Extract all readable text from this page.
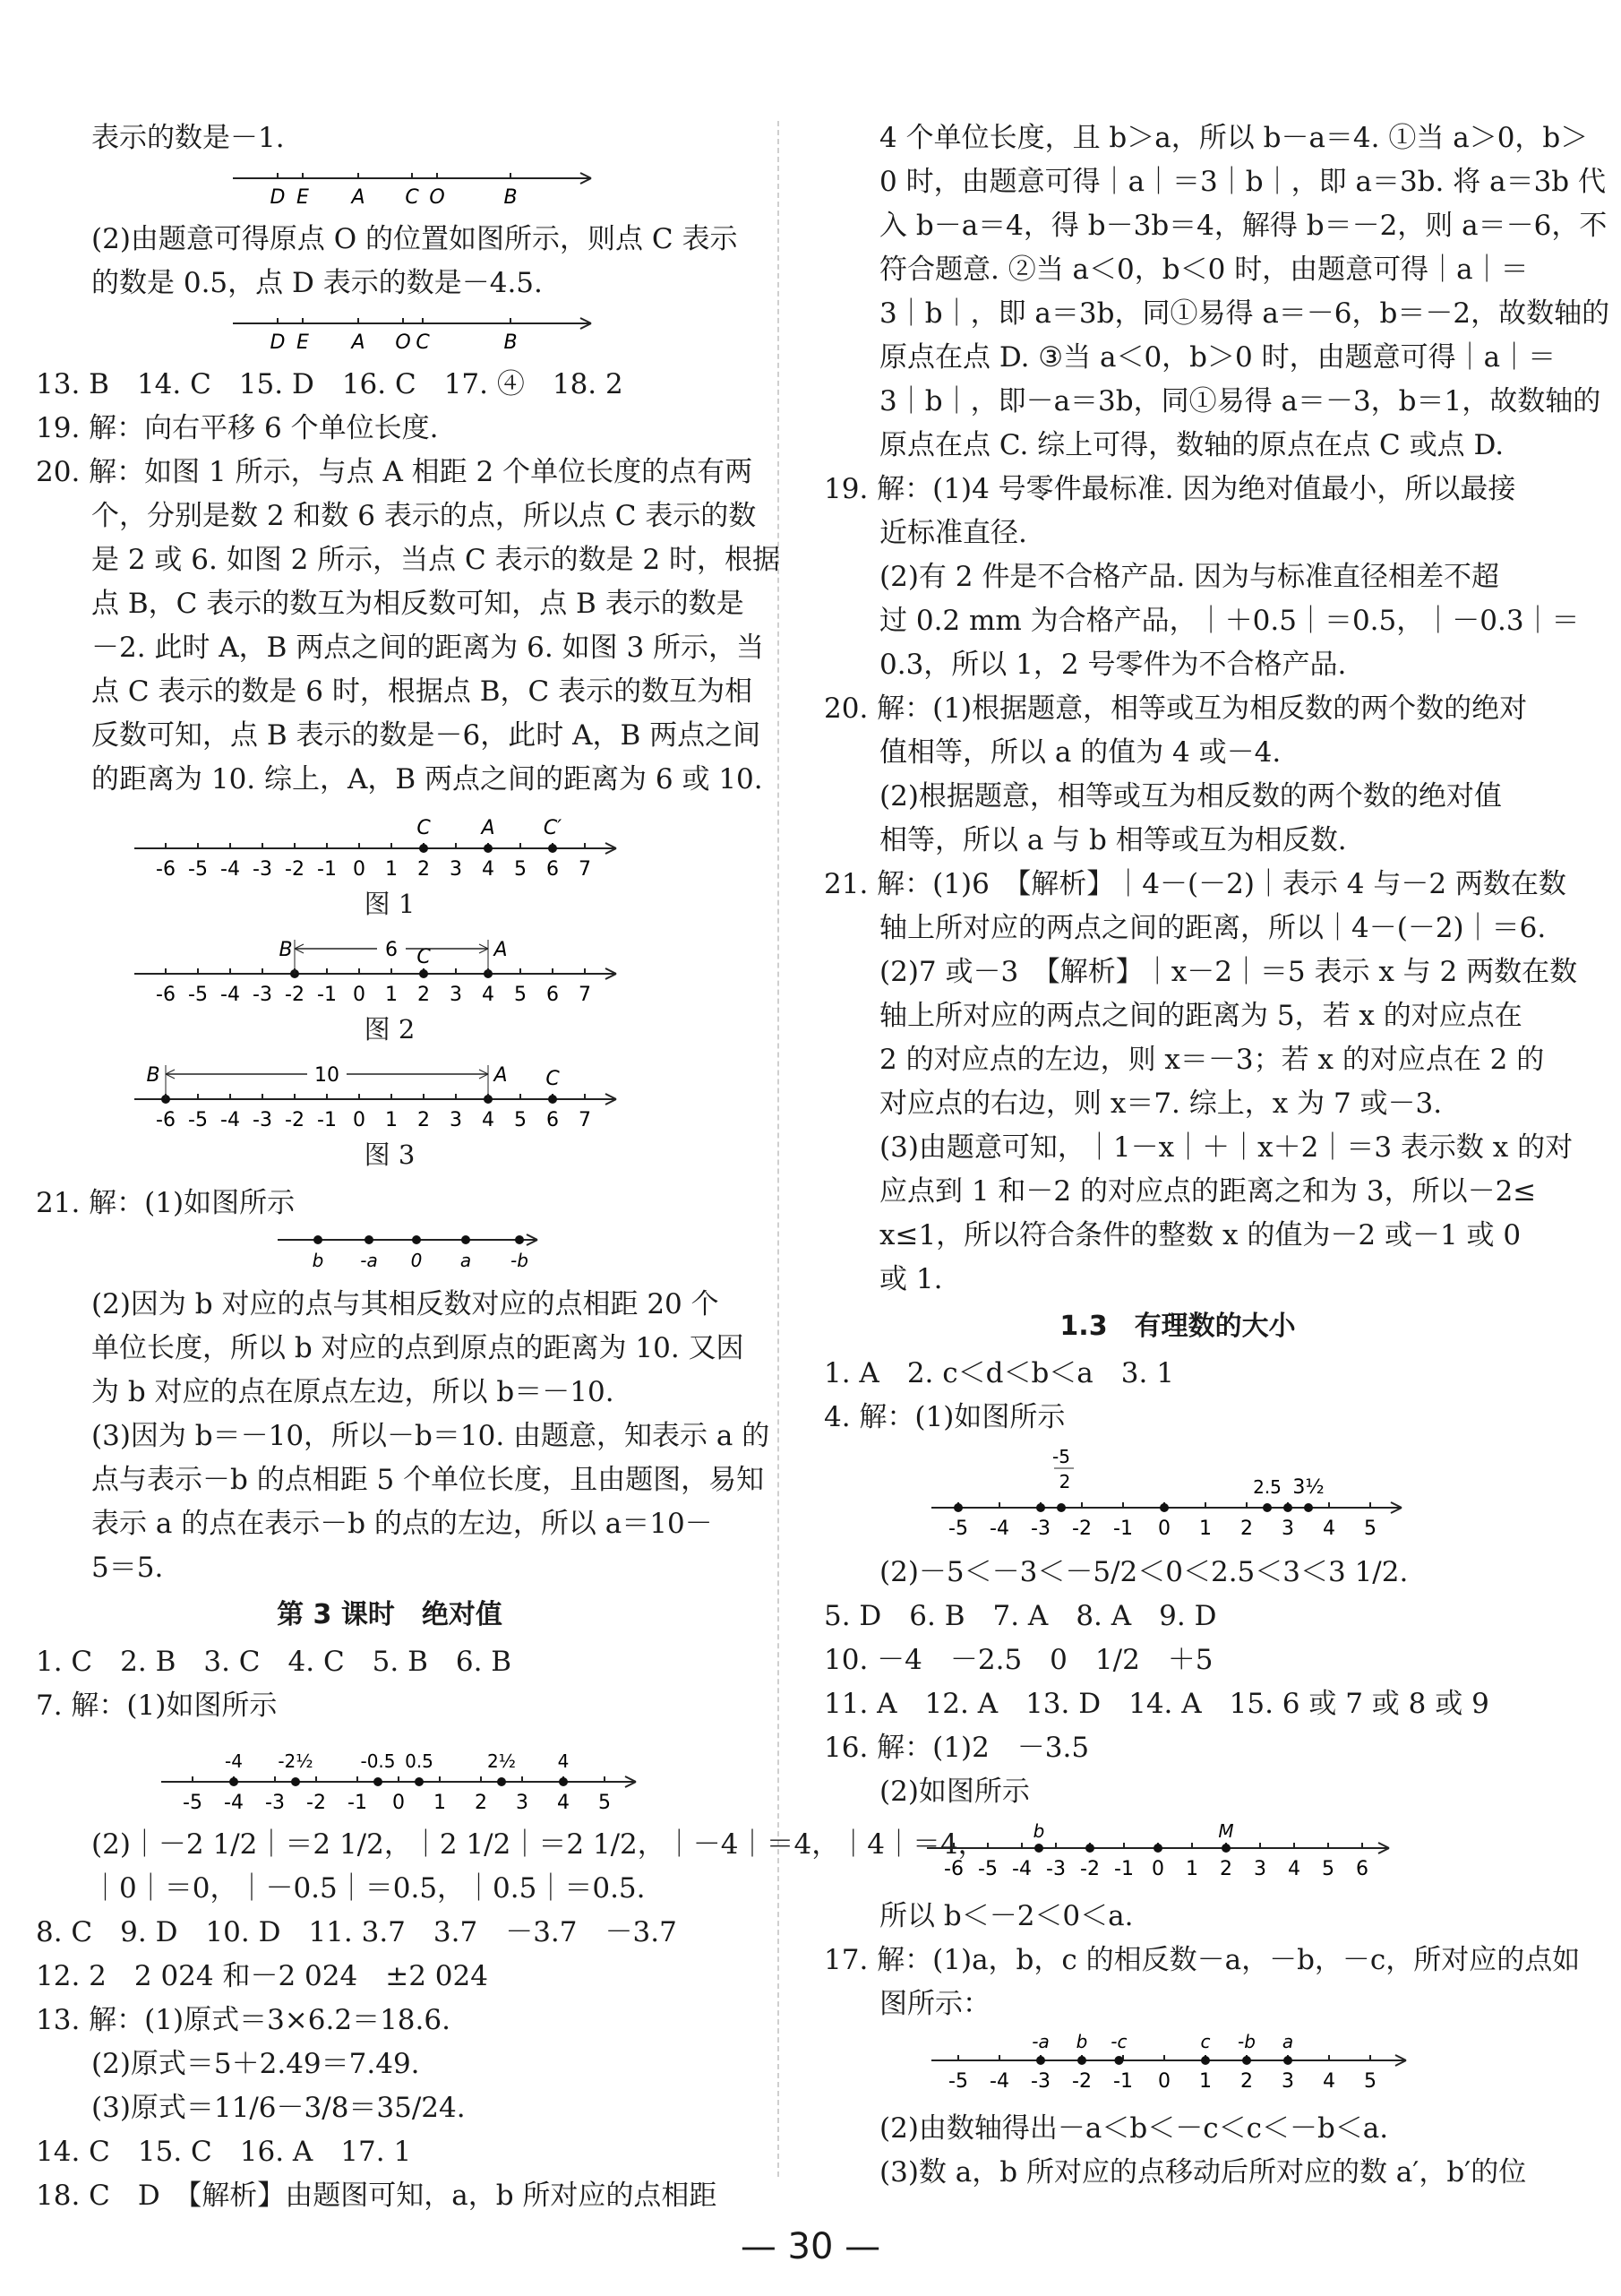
表示的数是－1.
D E A C O	B
(2)由题意可得原点 O 的位置如图所示，则点 C 表示
的数是 0.5，点 D 表示的数是－4.5.
D E A O C	B
13. B　14. C　15. D　16. C　17. ④　18. 2
19. 解：向右平移 6 个单位长度.
20. 解：如图 1 所示，与点 A 相距 2 个单位长度的点有两
个，分别是数 2 和数 6 表示的点，所以点 C 表示的数
是 2 或 6. 如图 2 所示，当点 C 表示的数是 2 时，根据
点 B，C 表示的数互为相反数可知，点 B 表示的数是
－2. 此时 A，B 两点之间的距离为 6. 如图 3 所示，当
点 C 表示的数是 6 时，根据点 B，C 表示的数互为相
反数可知，点 B 表示的数是－6，此时 A，B 两点之间
的距离为 10. 综上，A，B 两点之间的距离为 6 或 10.
-6 -5 -4 -3 -2 -1 0 1 2 3 4 5 6 7
C	A C′
图 1
-6 -5 -4 -3 -2 -1 0 1 2 3 4 5 6 7
B	C	A
6
图 2
-6 -5 -4 -3 -2 -1 0 1 2 3 4 5 6 7
B	A C
10
图 3
21. 解：(1)如图所示
b -a 0 a -b
(2)因为 b 对应的点与其相反数对应的点相距 20 个
单位长度，所以 b 对应的点到原点的距离为 10. 又因
为 b 对应的点在原点左边，所以 b＝－10.
(3)因为 b＝－10，所以－b＝10. 由题意，知表示 a 的
点与表示－b 的点相距 5 个单位长度，且由题图，易知
表示 a 的点在表示－b 的点的左边，所以 a＝10－
5＝5.
第 3 课时　绝对值
1. C　2. B　3. C　4. C　5. B　6. B
7. 解：(1)如图所示
-5 -4 -3 -2 -1 0 1 2 3 4 5
-4 -2½	-0.5 0.5	2½ 4
(2)｜－2 1/2｜＝2 1/2，｜2 1/2｜＝2 1/2，｜－4｜＝4，｜4｜＝4，
｜0｜＝0，｜－0.5｜＝0.5，｜0.5｜＝0.5.
8. C　9. D　10. D　11. 3.7　3.7　－3.7　－3.7
12. 2　2 024 和－2 024　±2 024
13. 解：(1)原式＝3×6.2＝18.6.
(2)原式＝5＋2.49＝7.49.
(3)原式＝11/6－3/8＝35/24.
14. C　15. C　16. A　17. 1
18. C　D　【解析】由题图可知，a，b 所对应的点相距
4 个单位长度，且 b＞a，所以 b－a＝4. ①当 a＞0，b＞
0 时，由题意可得｜a｜＝3｜b｜，即 a＝3b. 将 a＝3b 代
入 b－a＝4，得 b－3b＝4，解得 b＝－2，则 a＝－6，不
符合题意. ②当 a＜0，b＜0 时，由题意可得｜a｜＝
3｜b｜，即 a＝3b，同①易得 a＝－6，b＝－2，故数轴的
原点在点 D. ③当 a＜0，b＞0 时，由题意可得｜a｜＝
3｜b｜，即－a＝3b，同①易得 a＝－3，b＝1，故数轴的
原点在点 C. 综上可得，数轴的原点在点 C 或点 D.
19. 解：(1)4 号零件最标准. 因为绝对值最小，所以最接
近标准直径.
(2)有 2 件是不合格产品. 因为与标准直径相差不超
过 0.2 mm 为合格产品，｜＋0.5｜＝0.5，｜－0.3｜＝
0.3，所以 1，2 号零件为不合格产品.
20. 解：(1)根据题意，相等或互为相反数的两个数的绝对
值相等，所以 a 的值为 4 或－4.
(2)根据题意，相等或互为相反数的两个数的绝对值
相等，所以 a 与 b 相等或互为相反数.
21. 解：(1)6　【解析】｜4－(－2)｜表示 4 与－2 两数在数
轴上所对应的两点之间的距离，所以｜4－(－2)｜＝6.
(2)7 或－3　【解析】｜x－2｜＝5 表示 x 与 2 两数在数
轴上所对应的两点之间的距离为 5，若 x 的对应点在
2 的对应点的左边，则 x＝－3；若 x 的对应点在 2 的
对应点的右边，则 x＝7. 综上，x 为 7 或－3.
(3)由题意可知，｜1－x｜＋｜x＋2｜＝3 表示数 x 的对
应点到 1 和－2 的对应点的距离之和为 3，所以－2≤
x≤1，所以符合条件的整数 x 的值为－2 或－1 或 0
或 1.
1.3　有理数的大小
1. A　2. c＜d＜b＜a　3. 1
4. 解：(1)如图所示
-5 -4 -3 -2 -1 0 1 2 3 4 5
-5
2	2.5 3½
(2)－5＜－3＜－5/2＜0＜2.5＜3＜3 1/2.
5. D　6. B　7. A　8. A　9. D
10. －4　－2.5　0　1/2　＋5
11. A　12. A　13. D　14. A　15. 6 或 7 或 8 或 9
16. 解：(1)2　－3.5
(2)如图所示
-6 -5 -4 -3 -2 -1 0 1 2 3 4 5 6
b	M
所以 b＜－2＜0＜a.
17. 解：(1)a，b，c 的相反数－a，－b，－c，所对应的点如
图所示：
-5 -4 -3 -2 -1 0 1 2 3 4 5
-a b -c	c -b a
(2)由数轴得出－a＜b＜－c＜c＜－b＜a.
(3)数 a，b 所对应的点移动后所对应的数 a′，b′的位
— 30 —
